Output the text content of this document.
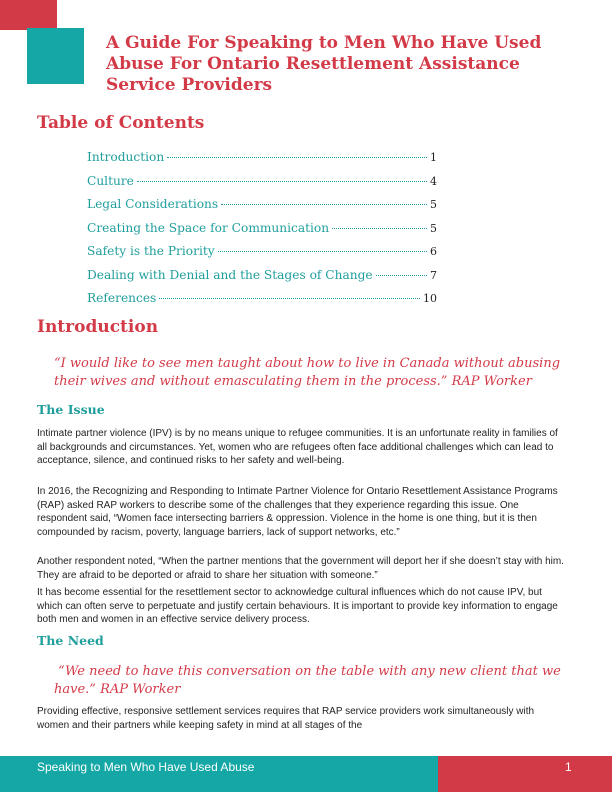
A Guide For Speaking to Men Who Have Used Abuse For Ontario Resettlement Assistance Service Providers
Table of Contents
Introduction	1
Culture	4
Legal Considerations	5
Creating the Space for Communication	5
Safety is the Priority	6
Dealing with Denial and the Stages of Change	7
References	10
Introduction

“I would like to see men taught about how to live in Canada without abusing their wives and without emasculating them in the process.” RAP Worker

The Issue

Intimate partner violence (IPV) is by no means unique to refugee communities. It is an unfortunate reality in families of all backgrounds and circumstances. Yet, women who are refugees often face additional challenges which can lead to acceptance, silence, and continued risks to her safety and well-being.

In 2016, the Recognizing and Responding to Intimate Partner Violence for Ontario Resettlement Assistance Programs (RAP) asked RAP workers to describe some of the challenges that they experience regarding this issue. One respondent said, “Women face intersecting barriers & oppression. Violence in the home is one thing, but it is then compounded by racism, poverty, language barriers, lack of support networks, etc.”

Another respondent noted, “When the partner mentions that the government will deport her if she doesn’t stay with him. They are afraid to be deported or afraid to share her situation with someone.”

It has become essential for the resettlement sector to acknowledge cultural influences which do not cause IPV, but which can often serve to perpetuate and justify certain behaviours. It is important to provide key information to engage both men and women in an effective service delivery process.

The Need

“We need to have this conversation on the table with any new client that we have.” RAP Worker

Providing effective, responsive settlement services requires that RAP service providers work simultaneously with women and their partners while keeping safety in mind at all stages of the

Speaking to Men Who Have Used Abuse	1
